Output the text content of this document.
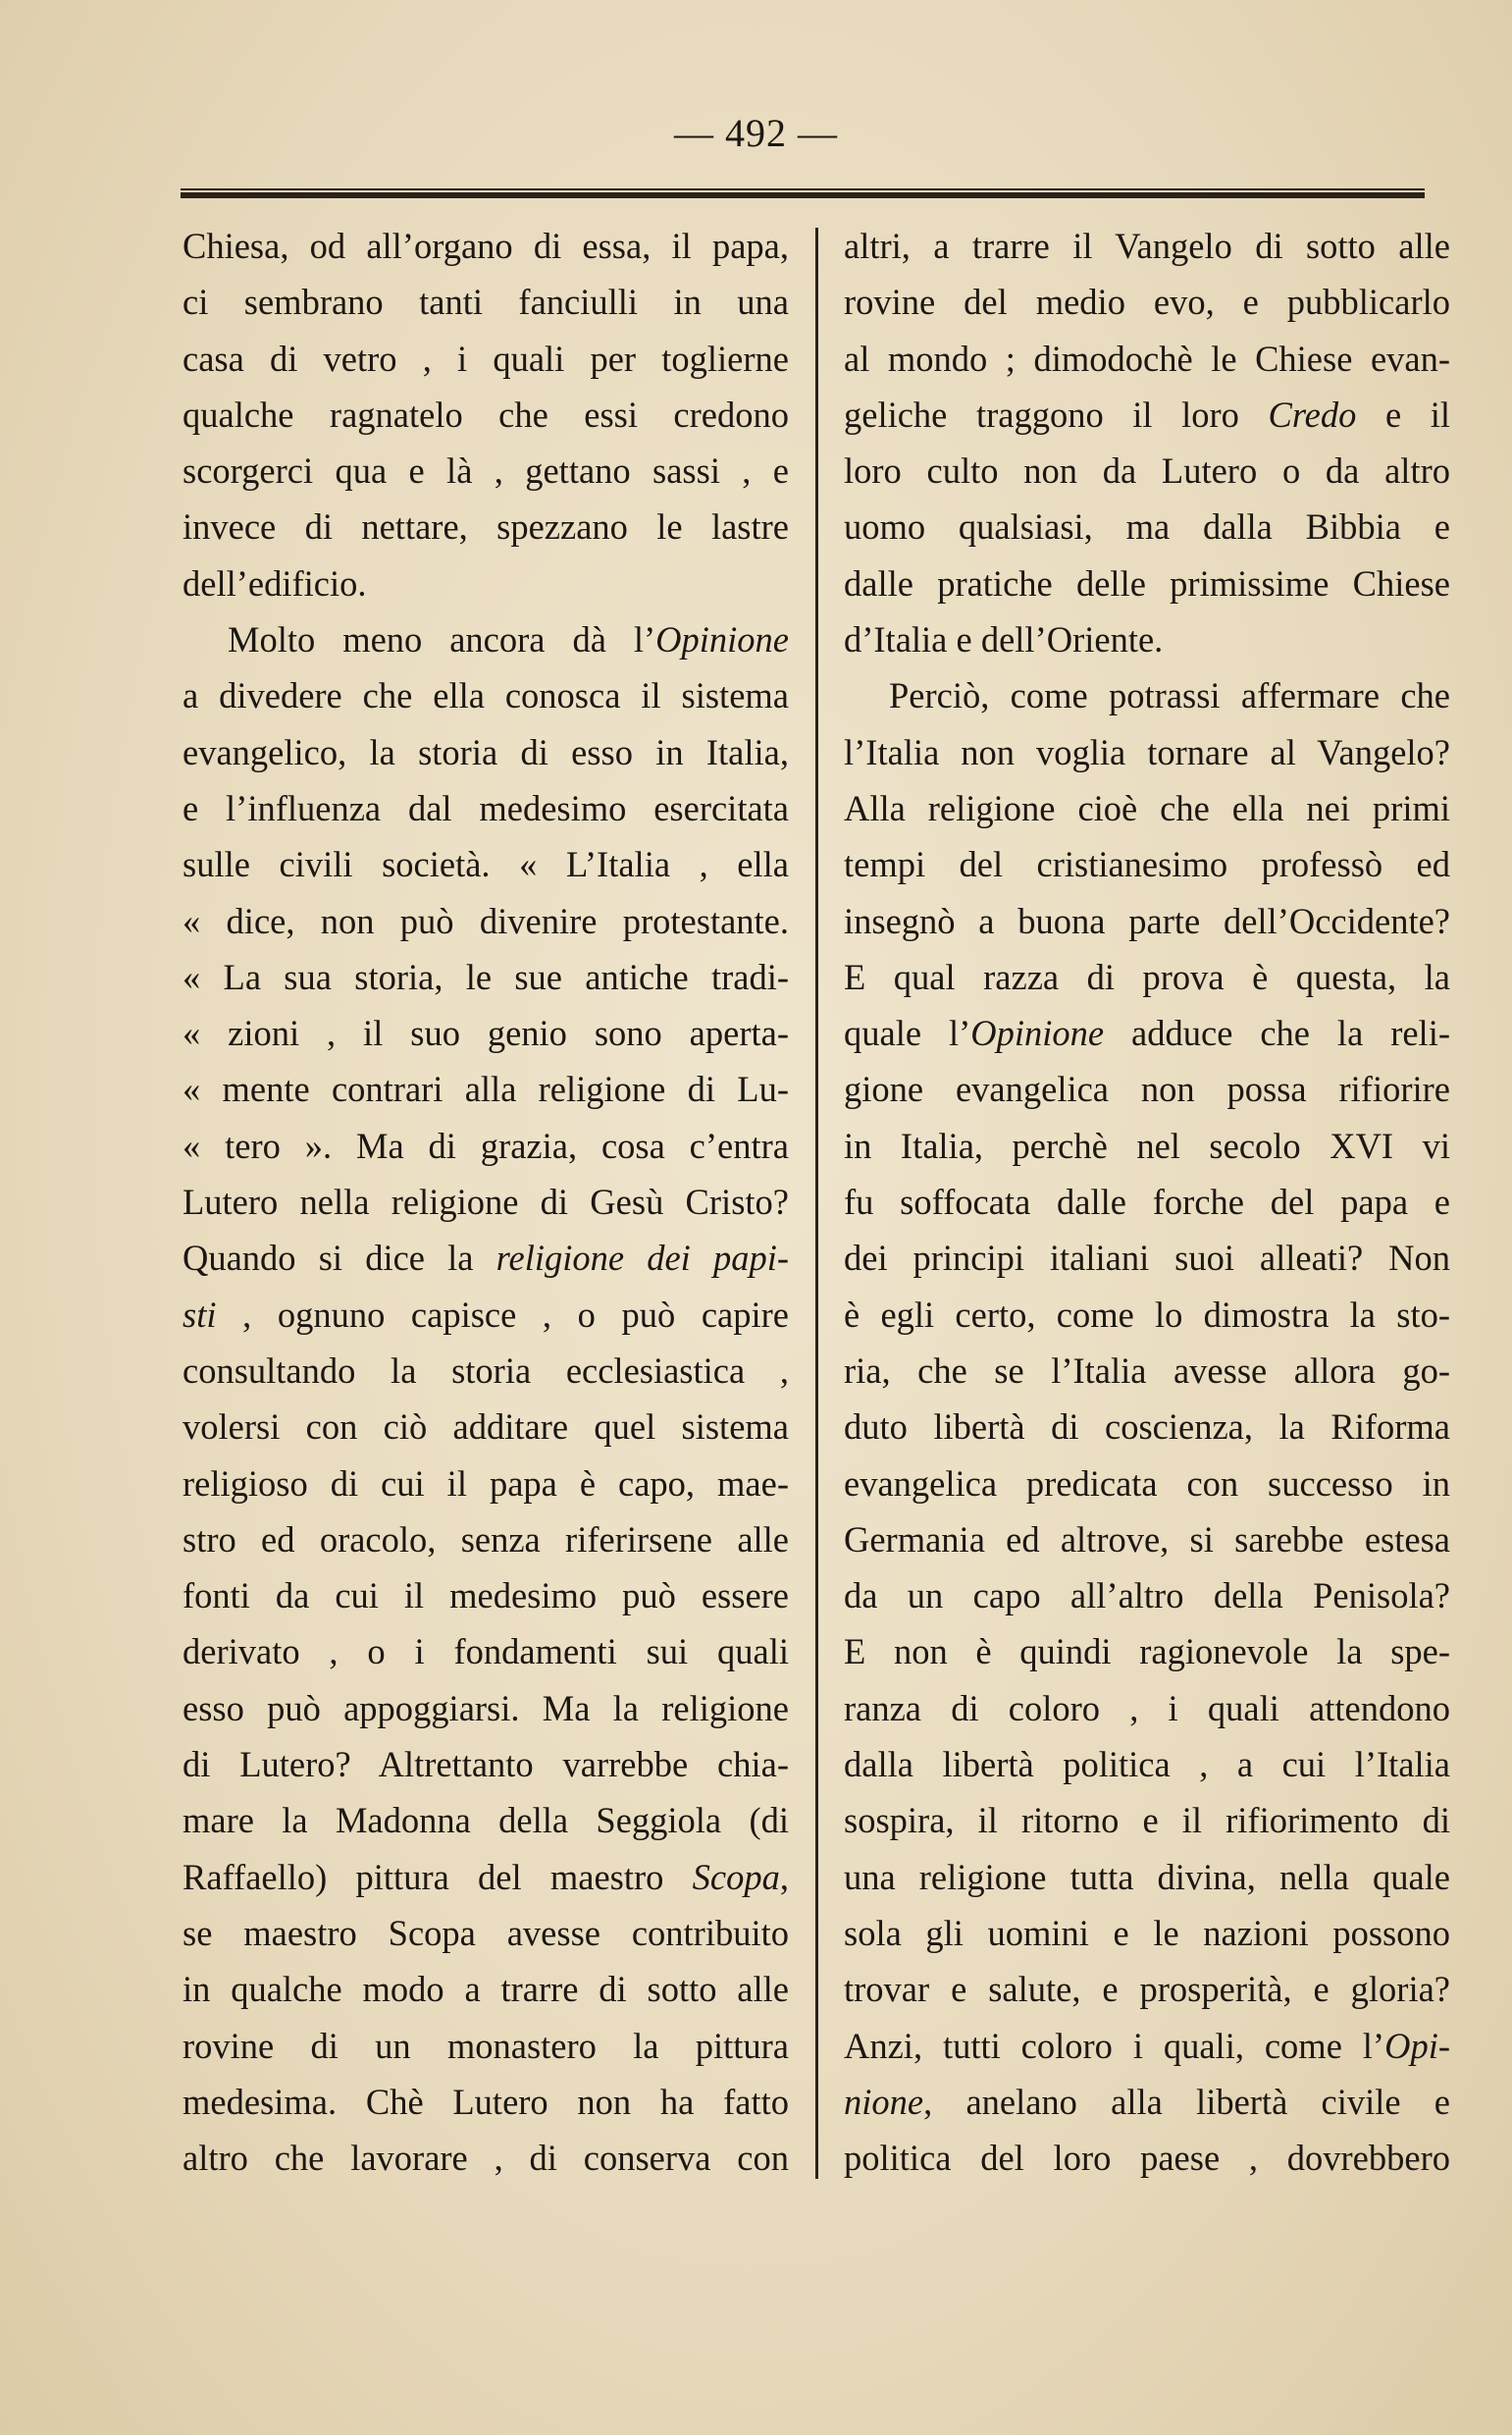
— 492 —
Chiesa, od all’organo di essa, il papa,
ci sembrano tanti fanciulli in una
casa di vetro , i quali per toglierne
qualche ragnatelo che essi credono
scorgerci qua e là , gettano sassi , e
invece di nettare, spezzano le lastre
dell’edificio.
Molto meno ancora dà l’Opinione
a divedere che ella conosca il sistema
evangelico, la storia di esso in Italia,
e l’influenza dal medesimo esercitata
sulle civili società. « L’Italia , ella
« dice, non può divenire protestante.
« La sua storia, le sue antiche tradi-
« zioni , il suo genio sono aperta-
« mente contrari alla religione di Lu-
« tero ». Ma di grazia, cosa c’entra
Lutero nella religione di Gesù Cristo?
Quando si dice la religione dei papi-
sti , ognuno capisce , o può capire
consultando la storia ecclesiastica ,
volersi con ciò additare quel sistema
religioso di cui il papa è capo, mae-
stro ed oracolo, senza riferirsene alle
fonti da cui il medesimo può essere
derivato , o i fondamenti sui quali
esso può appoggiarsi. Ma la religione
di Lutero? Altrettanto varrebbe chia-
mare la Madonna della Seggiola (di
Raffaello) pittura del maestro Scopa,
se maestro Scopa avesse contribuito
in qualche modo a trarre di sotto alle
rovine di un monastero la pittura
medesima. Chè Lutero non ha fatto
altro che lavorare , di conserva con
altri, a trarre il Vangelo di sotto alle
rovine del medio evo, e pubblicarlo
al mondo ; dimodochè le Chiese evan-
geliche traggono il loro Credo e il
loro culto non da Lutero o da altro
uomo qualsiasi, ma dalla Bibbia e
dalle pratiche delle primissime Chiese
d’Italia e dell’Oriente.
Perciò, come potrassi affermare che
l’Italia non voglia tornare al Vangelo?
Alla religione cioè che ella nei primi
tempi del cristianesimo professò ed
insegnò a buona parte dell’Occidente?
E qual razza di prova è questa, la
quale l’Opinione adduce che la reli-
gione evangelica non possa rifiorire
in Italia, perchè nel secolo XVI vi
fu soffocata dalle forche del papa e
dei principi italiani suoi alleati? Non
è egli certo, come lo dimostra la sto-
ria, che se l’Italia avesse allora go-
duto libertà di coscienza, la Riforma
evangelica predicata con successo in
Germania ed altrove, si sarebbe estesa
da un capo all’altro della Penisola?
E non è quindi ragionevole la spe-
ranza di coloro , i quali attendono
dalla libertà politica , a cui l’Italia
sospira, il ritorno e il rifiorimento di
una religione tutta divina, nella quale
sola gli uomini e le nazioni possono
trovar e salute, e prosperità, e gloria?
Anzi, tutti coloro i quali, come l’Opi-
nione, anelano alla libertà civile e
politica del loro paese , dovrebbero
